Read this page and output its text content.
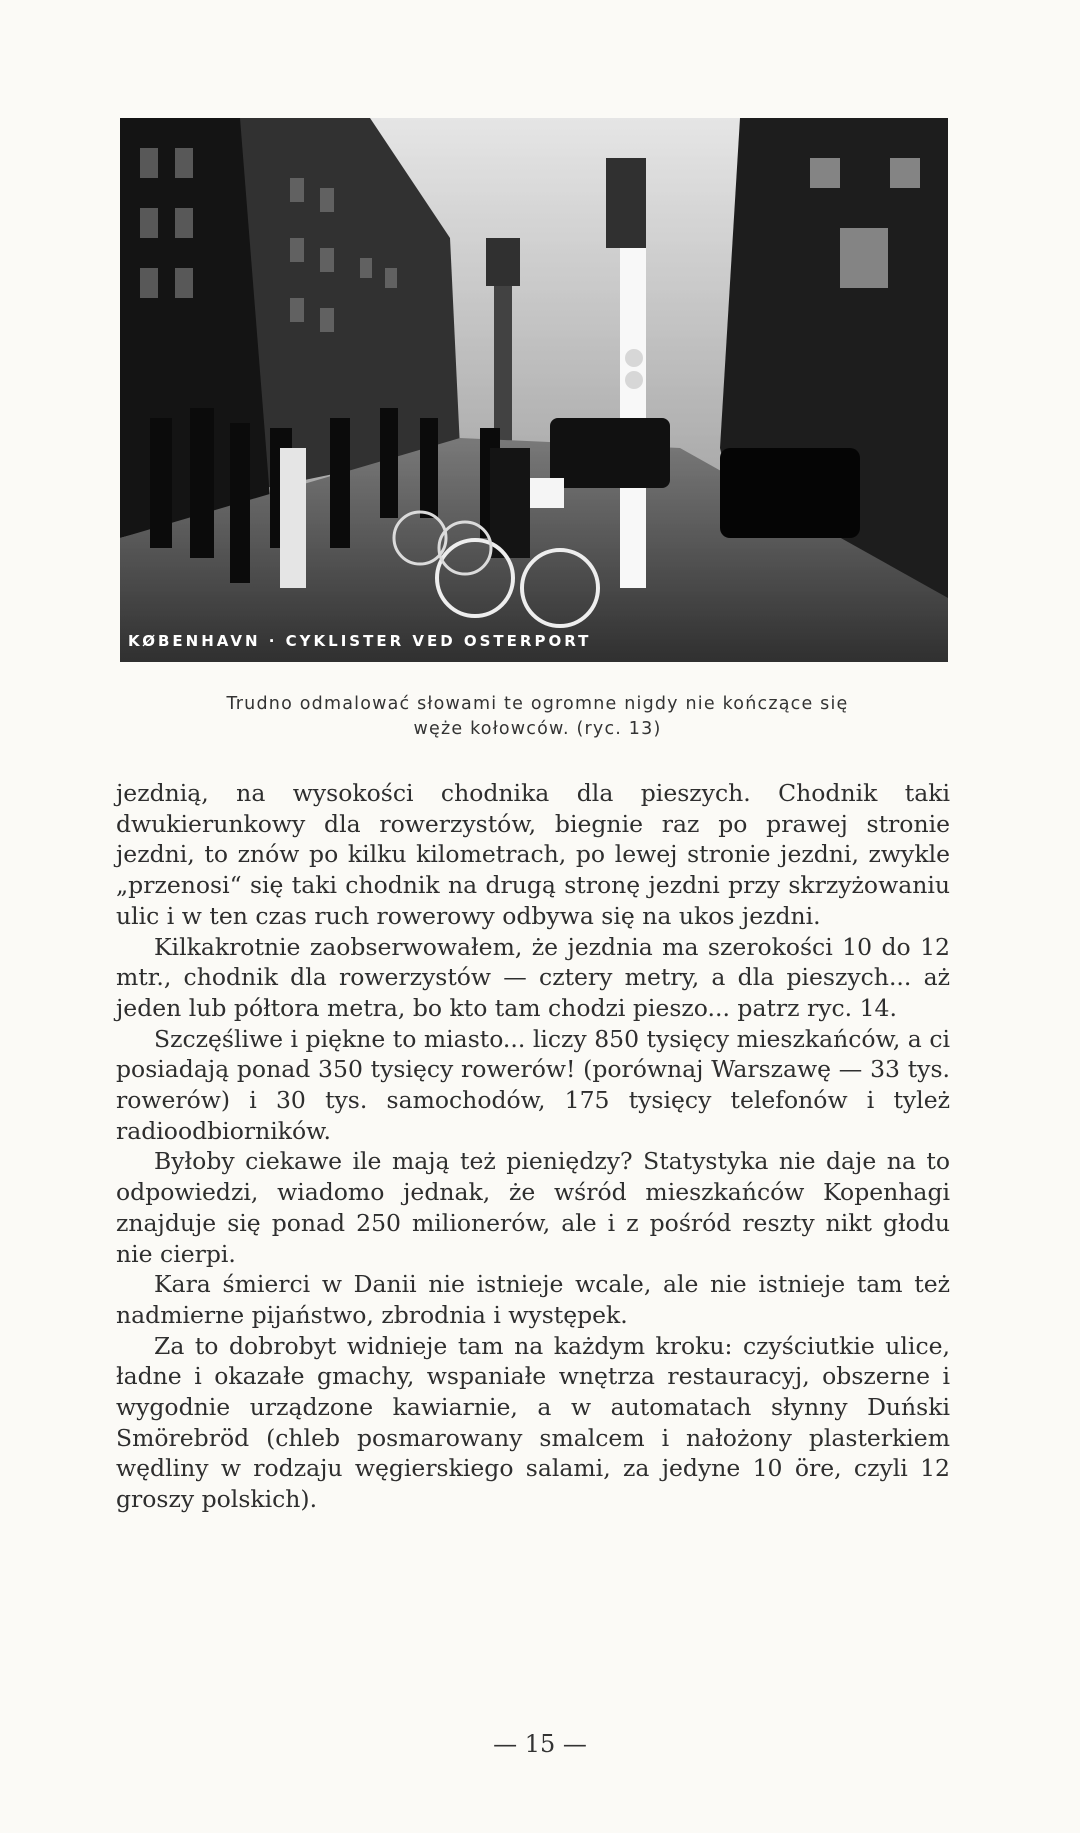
KØBENHAVN · CYKLISTER VED OSTERPORT
Trudno odmalować słowami te ogromne nigdy nie kończące się
węże kołowców. (ryc. 13)

jezdnią, na wysokości chodnika dla pieszych. Chodnik taki dwukierunkowy dla rowerzystów, biegnie raz po prawej stronie jezdni, to znów po kilku kilometrach, po lewej stronie jezdni, zwykle „przenosi“ się taki chodnik na drugą stronę jezdni przy skrzyżowaniu ulic i w ten czas ruch rowerowy odbywa się na ukos jezdni.

Kilkakrotnie zaobserwowałem, że jezdnia ma szerokości 10 do 12 mtr., chodnik dla rowerzystów — cztery metry, a dla pieszych... aż jeden lub półtora metra, bo kto tam chodzi pieszo... patrz ryc. 14.

Szczęśliwe i piękne to miasto... liczy 850 tysięcy mieszkańców, a ci posiadają ponad 350 tysięcy rowerów! (porównaj Warszawę — 33 tys. rowerów) i 30 tys. samochodów, 175 tysięcy telefonów i tyleż radioodbiorników.

Byłoby ciekawe ile mają też pieniędzy? Statystyka nie daje na to odpowiedzi, wiadomo jednak, że wśród mieszkańców Kopenhagi znajduje się ponad 250 milionerów, ale i z pośród reszty nikt głodu nie cierpi.

Kara śmierci w Danii nie istnieje wcale, ale nie istnieje tam też nadmierne pijaństwo, zbrodnia i występek.

Za to dobrobyt widnieje tam na każdym kroku: czyściutkie ulice, ładne i okazałe gmachy, wspaniałe wnętrza restauracyj, obszerne i wygodnie urządzone kawiarnie, a w automatach słynny Duński Smörebröd (chleb posmarowany smalcem i nałożony plasterkiem wędliny w rodzaju węgierskiego salami, za jedyne 10 öre, czyli 12 groszy polskich).

— 15 —
